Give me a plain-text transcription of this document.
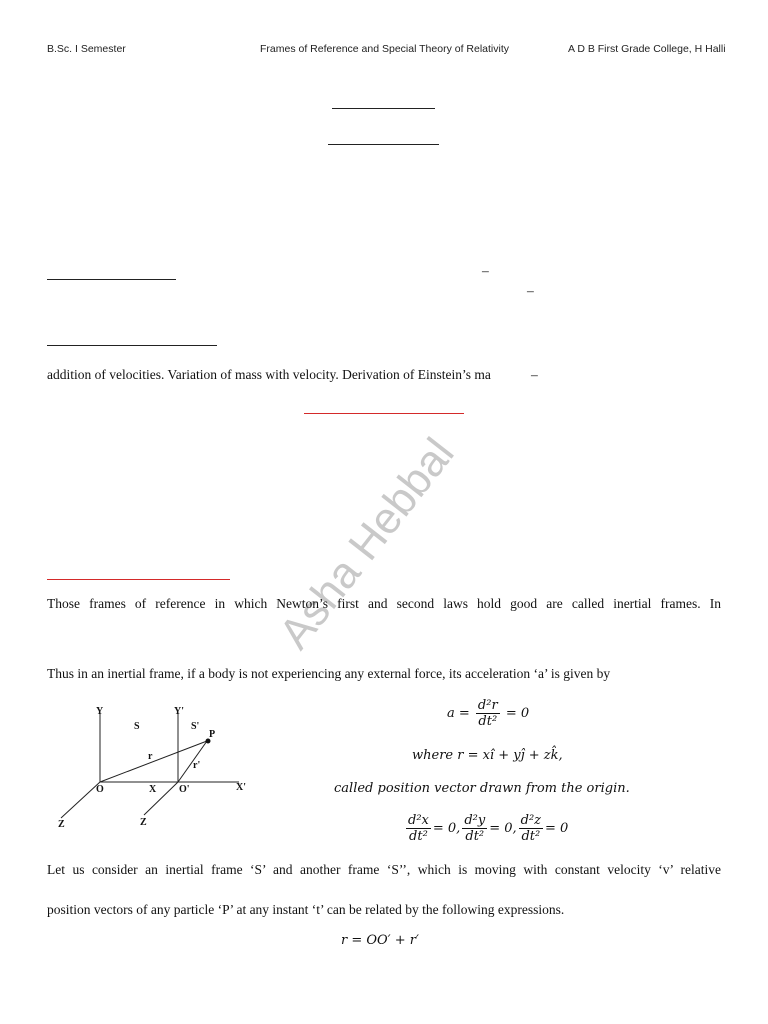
B.Sc. I Semester	Frames of Reference and Special Theory of Relativity	A D B First Grade College, H Halli
–
–
addition of velocities. Variation of mass with velocity. Derivation of Einstein’s ma	–
Asha Hebbal
Those frames of reference in which Newton’s first and second laws hold good are called inertial frames. In
Thus in an inertial frame, if a body is not experiencing any external force, its acceleration ‘a’ is given by
Y	Y'
S	S'
P
r
r'
O	X O'	X'
Z	Z
$a = \frac{\text{d²r}}{\text{dt²}} = 0$
where r = xî + yĵ + zk̂,
called position vector drawn from the origin.
$\frac{\text{d²x}}{\text{dt²}} = 0$, $\frac{\text{d²y}}{\text{dt²}} = 0$, $\frac{\text{d²z}}{\text{dt²}} = 0$
Let us consider an inertial frame ‘S’ and another frame ‘S’’, which is moving with constant velocity ‘v’ relative
position vectors of any particle ‘P’ at any instant ‘t’ can be related by the following expressions.
r = OO′ + r′
